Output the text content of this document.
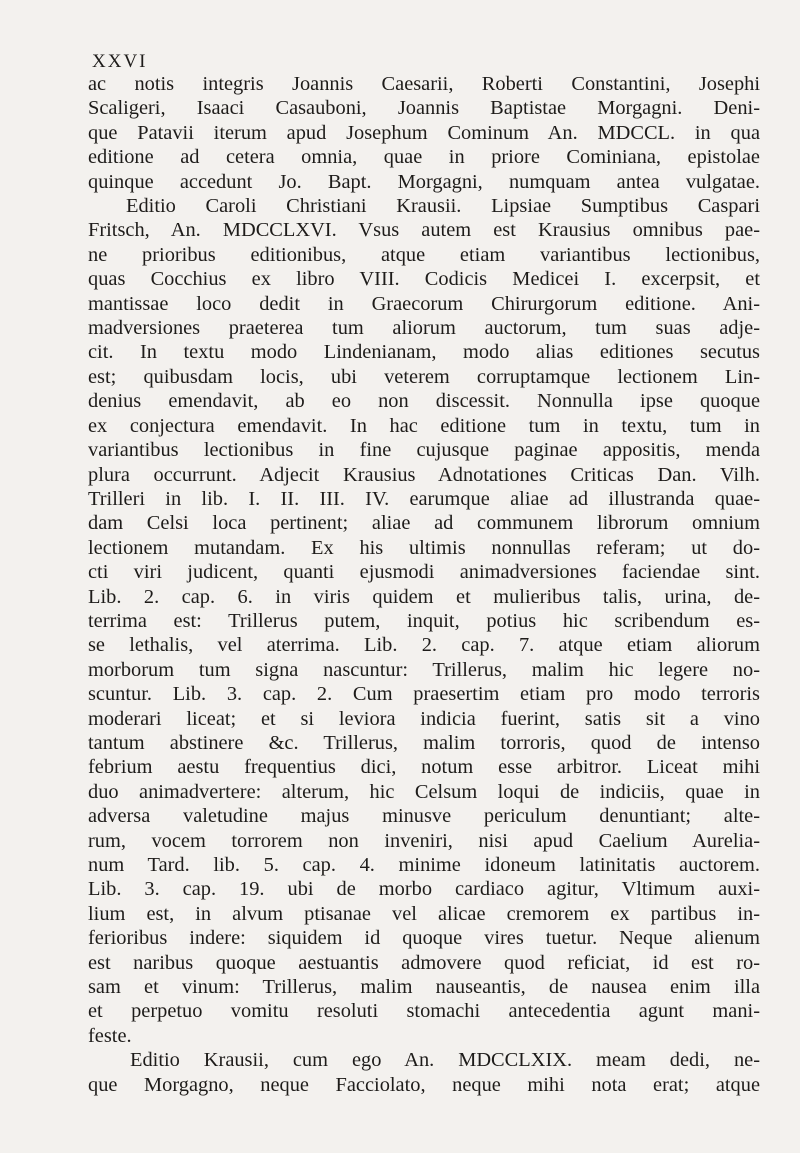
XXVI
ac notis integris Joannis Caesarii, Roberti Constantini, Josephi
Scaligeri, Isaaci Casauboni, Joannis Baptistae Morgagni. Deni-
que Patavii iterum apud Josephum Cominum An. MDCCL. in qua
editione ad cetera omnia, quae in priore Cominiana, epistolae
quinque accedunt Jo. Bapt. Morgagni, numquam antea vulgatae.
Editio Caroli Christiani Krausii. Lipsiae Sumptibus Caspari
Fritsch, An. MDCCLXVI. Vsus autem est Krausius omnibus pae-
ne prioribus editionibus, atque etiam variantibus lectionibus,
quas Cocchius ex libro VIII. Codicis Medicei I. excerpsit, et
mantissae loco dedit in Graecorum Chirurgorum editione. Ani-
madversiones praeterea tum aliorum auctorum, tum suas adje-
cit. In textu modo Lindenianam, modo alias editiones secutus
est; quibusdam locis, ubi veterem corruptamque lectionem Lin-
denius emendavit, ab eo non discessit. Nonnulla ipse quoque
ex conjectura emendavit. In hac editione tum in textu, tum in
variantibus lectionibus in fine cujusque paginae appositis, menda
plura occurrunt. Adjecit Krausius Adnotationes Criticas Dan. Vilh.
Trilleri in lib. I. II. III. IV. earumque aliae ad illustranda quae-
dam Celsi loca pertinent; aliae ad communem librorum omnium
lectionem mutandam. Ex his ultimis nonnullas referam; ut do-
cti viri judicent, quanti ejusmodi animadversiones faciendae sint.
Lib. 2. cap. 6. in viris quidem et mulieribus talis, urina, de-
terrima est: Trillerus putem, inquit, potius hic scribendum es-
se lethalis, vel aterrima. Lib. 2. cap. 7. atque etiam aliorum
morborum tum signa nascuntur: Trillerus, malim hic legere no-
scuntur. Lib. 3. cap. 2. Cum praesertim etiam pro modo terroris
moderari liceat; et si leviora indicia fuerint, satis sit a vino
tantum abstinere &c. Trillerus, malim torroris, quod de intenso
febrium aestu frequentius dici, notum esse arbitror. Liceat mihi
duo animadvertere: alterum, hic Celsum loqui de indiciis, quae in
adversa valetudine majus minusve periculum denuntiant; alte-
rum, vocem torrorem non inveniri, nisi apud Caelium Aurelia-
num Tard. lib. 5. cap. 4. minime idoneum latinitatis auctorem.
Lib. 3. cap. 19. ubi de morbo cardiaco agitur, Vltimum auxi-
lium est, in alvum ptisanae vel alicae cremorem ex partibus in-
ferioribus indere: siquidem id quoque vires tuetur. Neque alienum
est naribus quoque aestuantis admovere quod reficiat, id est ro-
sam et vinum: Trillerus, malim nauseantis, de nausea enim illa
et perpetuo vomitu resoluti stomachi antecedentia agunt mani-
feste.
Editio Krausii, cum ego An. MDCCLXIX. meam dedi, ne-
que Morgagno, neque Facciolato, neque mihi nota erat; atque
